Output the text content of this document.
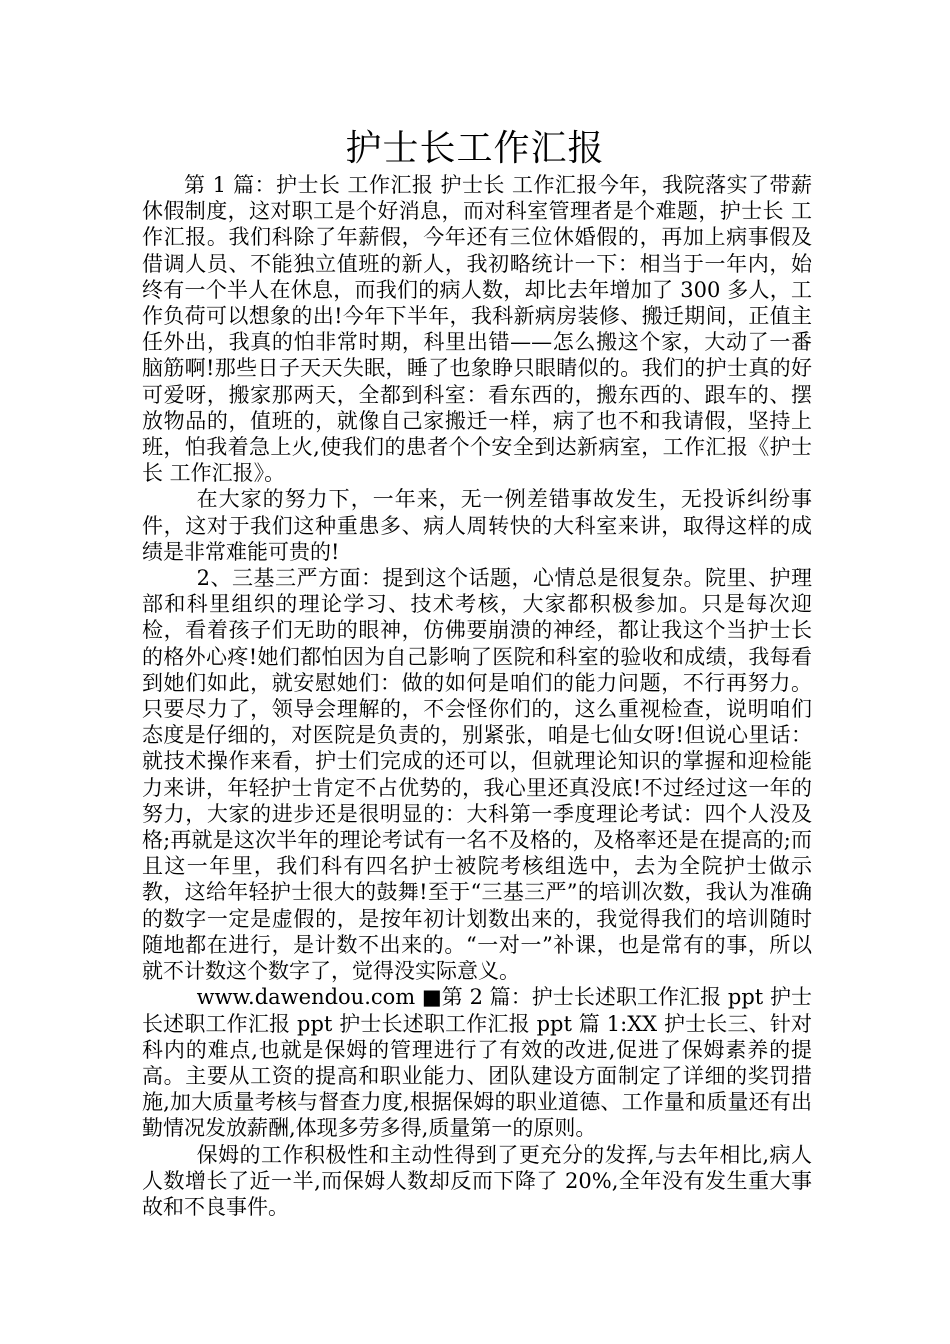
护士长工作汇报

第 1 篇：护士长 工作汇报 护士长 工作汇报今年，我院落实了带薪休假制度，这对职工是个好消息，而对科室管理者是个难题，护士长 工作汇报。我们科除了年薪假，今年还有三位休婚假的，再加上病事假及借调人员、不能独立值班的新人，我初略统计一下：相当于一年内，始终有一个半人在休息，而我们的病人数，却比去年增加了 300 多人，工作负荷可以想象的出!今年下半年，我科新病房装修、搬迁期间，正值主任外出，我真的怕非常时期，科里出错——怎么搬这个家，大动了一番脑筋啊!那些日子天天失眠，睡了也象睁只眼睛似的。我们的护士真的好可爱呀，搬家那两天，全都到科室：看东西的，搬东西的、跟车的、摆放物品的，值班的，就像自己家搬迁一样，病了也不和我请假，坚持上班，怕我着急上火,使我们的患者个个安全到达新病室，工作汇报《护士长 工作汇报》。

在大家的努力下，一年来，无一例差错事故发生，无投诉纠纷事件，这对于我们这种重患多、病人周转快的大科室来讲，取得这样的成绩是非常难能可贵的!

2、三基三严方面：提到这个话题，心情总是很复杂。院里、护理部和科里组织的理论学习、技术考核，大家都积极参加。只是每次迎检，看着孩子们无助的眼神，仿佛要崩溃的神经，都让我这个当护士长的格外心疼!她们都怕因为自己影响了医院和科室的验收和成绩，我每看到她们如此，就安慰她们：做的如何是咱们的能力问题，不行再努力。只要尽力了，领导会理解的，不会怪你们的，这么重视检查，说明咱们态度是仔细的，对医院是负责的，别紧张，咱是七仙女呀!但说心里话：就技术操作来看，护士们完成的还可以，但就理论知识的掌握和迎检能力来讲，年轻护士肯定不占优势的，我心里还真没底!不过经过这一年的努力，大家的进步还是很明显的：大科第一季度理论考试：四个人没及格;再就是这次半年的理论考试有一名不及格的，及格率还是在提高的;而且这一年里，我们科有四名护士被院考核组选中，去为全院护士做示教，这给年轻护士很大的鼓舞!至于“三基三严”的培训次数，我认为准确的数字一定是虚假的，是按年初计划数出来的，我觉得我们的培训随时随地都在进行，是计数不出来的。“一对一”补课，也是常有的事，所以就不计数这个数字了，觉得没实际意义。

www.dawendou.com ■第 2 篇：护士长述职工作汇报 ppt 护士长述职工作汇报 ppt 护士长述职工作汇报 ppt 篇 1:XX 护士长三、针对科内的难点,也就是保姆的管理进行了有效的改进,促进了保姆素养的提高。主要从工资的提高和职业能力、团队建设方面制定了详细的奖罚措施,加大质量考核与督查力度,根据保姆的职业道德、工作量和质量还有出勤情况发放薪酬,体现多劳多得,质量第一的原则。

保姆的工作积极性和主动性得到了更充分的发挥,与去年相比,病人人数增长了近一半,而保姆人数却反而下降了 20%,全年没有发生重大事故和不良事件。
